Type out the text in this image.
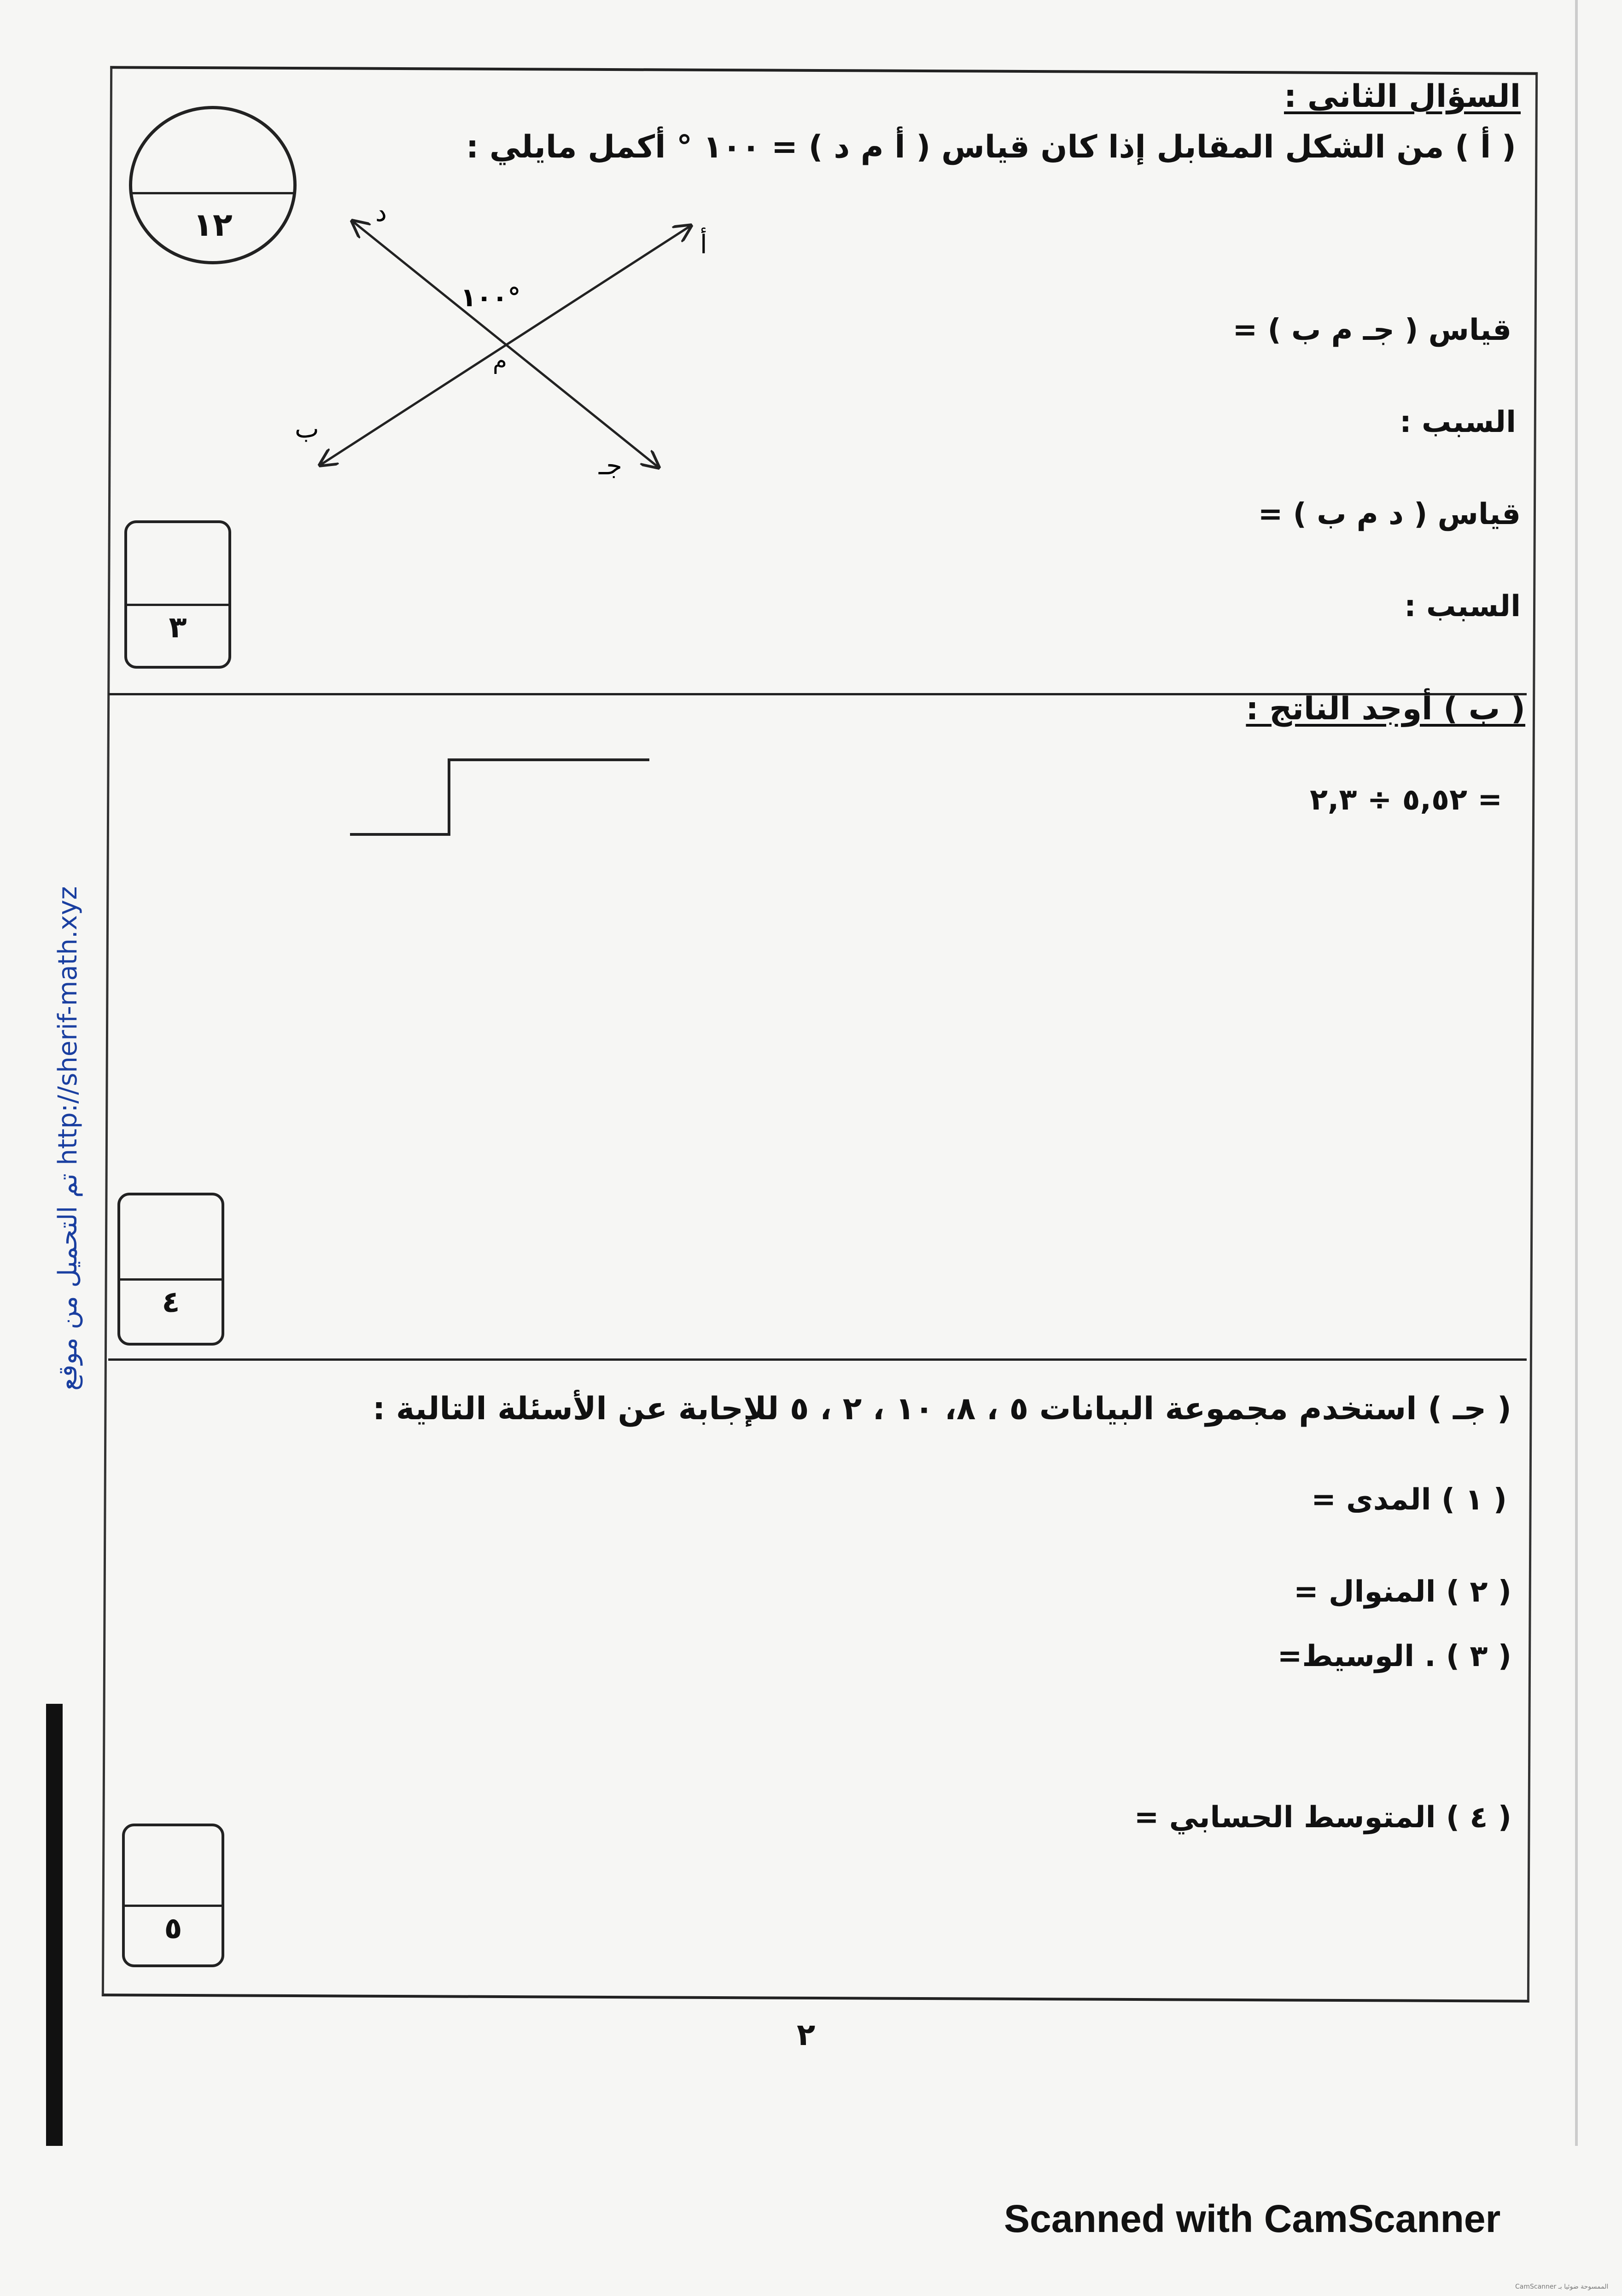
تم التحميل من موقع http://sherif-math.xyz
١٢
السؤال الثانى :
( أ ) من الشكل المقابل إذا كان قياس ( أ م د ) = ١٠٠ ° أكمل مايلي :
قياس ( جـ م ب ) =
السبب :
قياس ( د م ب ) =
السبب :
١٠٠°
أ
ب
جـ
د
م
٣
( ب ) أوجد الناتج :
٥,٥٢ ÷ ٢,٣ =
٤
( جـ ) استخدم مجموعة البيانات ٥ ، ٨، ١٠ ، ٢ ، ٥ للإجابة عن الأسئلة التالية :
( ١ ) المدى =
( ٢ ) المنوال =
( ٣ ) . الوسيط=
( ٤ ) المتوسط الحسابي =
٥
٢
Scanned with CamScanner
CamScanner الممسوحة ضوئيا بـ
